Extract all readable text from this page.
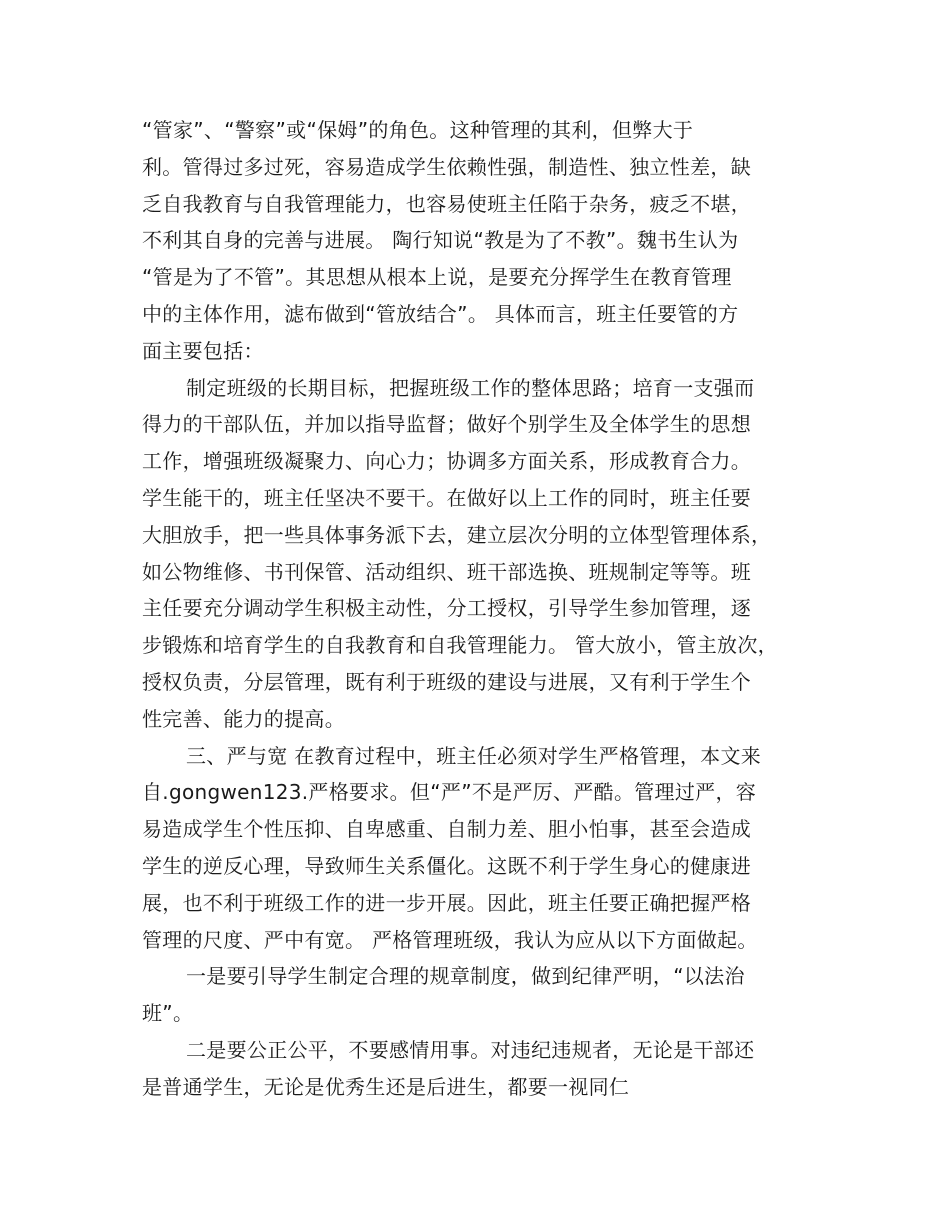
“管家”、“警察”或“保姆”的角色。这种管理的其利，但弊大于
利。管得过多过死，容易造成学生依赖性强，制造性、独立性差，缺
乏自我教育与自我管理能力，也容易使班主任陷于杂务，疲乏不堪，
不利其自身的完善与进展。 陶行知说“教是为了不教”。魏书生认为
“管是为了不管”。其思想从根本上说，是要充分挥学生在教育管理
中的主体作用，滤布做到“管放结合”。 具体而言，班主任要管的方
面主要包括：
制定班级的长期目标，把握班级工作的整体思路；培育一支强而
得力的干部队伍，并加以指导监督；做好个别学生及全体学生的思想
工作，增强班级凝聚力、向心力；协调多方面关系，形成教育合力。
学生能干的，班主任坚决不要干。在做好以上工作的同时，班主任要
大胆放手，把一些具体事务派下去，建立层次分明的立体型管理体系，
如公物维修、书刊保管、活动组织、班干部选换、班规制定等等。班
主任要充分调动学生积极主动性，分工授权，引导学生参加管理，逐
步锻炼和培育学生的自我教育和自我管理能力。 管大放小，管主放次，
授权负责，分层管理，既有利于班级的建设与进展，又有利于学生个
性完善、能力的提高。
三、严与宽 在教育过程中，班主任必须对学生严格管理，本文来
自.gongwen123.严格要求。但“严”不是严厉、严酷。管理过严，容
易造成学生个性压抑、自卑感重、自制力差、胆小怕事，甚至会造成
学生的逆反心理，导致师生关系僵化。这既不利于学生身心的健康进
展，也不利于班级工作的进一步开展。因此，班主任要正确把握严格
管理的尺度、严中有宽。 严格管理班级，我认为应从以下方面做起。
一是要引导学生制定合理的规章制度，做到纪律严明，“以法治
班”。
二是要公正公平，不要感情用事。对违纪违规者，无论是干部还
是普通学生，无论是优秀生还是后进生，都要一视同仁
